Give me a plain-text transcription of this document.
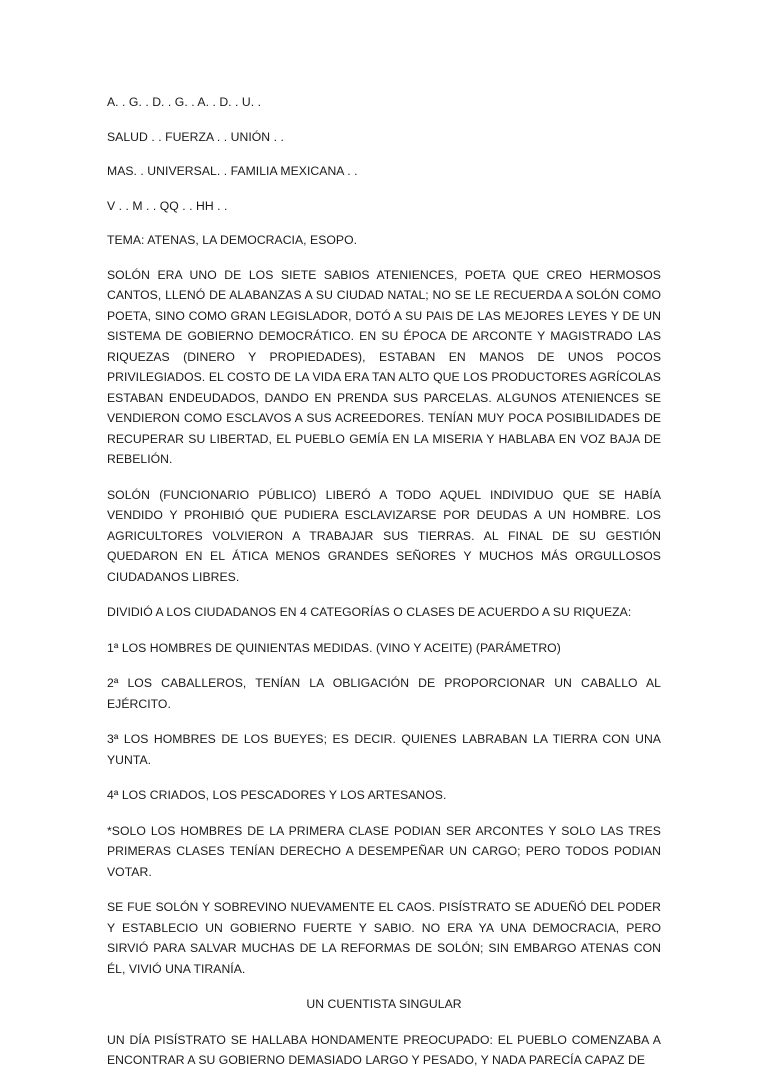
A. . G. . D. . G. . A. . D. . U. .

SALUD . . FUERZA . . UNIÓN . .

MAS. . UNIVERSAL. . FAMILIA MEXICANA . .

V . . M . . QQ . . HH . .

TEMA: ATENAS, LA DEMOCRACIA, ESOPO.

SOLÓN ERA UNO DE LOS SIETE SABIOS ATENIENCES, POETA QUE CREO HERMOSOS CANTOS, LLENÓ DE ALABANZAS A SU CIUDAD NATAL; NO SE LE RECUERDA A SOLÓN COMO POETA, SINO COMO GRAN LEGISLADOR, DOTÓ A SU PAIS DE LAS MEJORES LEYES Y DE UN SISTEMA DE GOBIERNO DEMOCRÁTICO. EN SU ÉPOCA DE ARCONTE Y MAGISTRADO LAS RIQUEZAS (DINERO Y PROPIEDADES), ESTABAN EN MANOS DE UNOS POCOS PRIVILEGIADOS. EL COSTO DE LA VIDA ERA TAN ALTO QUE LOS PRODUCTORES AGRÍCOLAS ESTABAN ENDEUDADOS, DANDO EN PRENDA SUS PARCELAS. ALGUNOS ATENIENCES SE VENDIERON COMO ESCLAVOS A SUS ACREEDORES. TENÍAN MUY POCA POSIBILIDADES DE RECUPERAR SU LIBERTAD, EL PUEBLO GEMÍA EN LA MISERIA Y HABLABA EN VOZ BAJA DE REBELIÓN.

SOLÓN (FUNCIONARIO PÚBLICO) LIBERÓ A TODO AQUEL INDIVIDUO QUE SE HABÍA VENDIDO Y PROHIBIÓ QUE PUDIERA ESCLAVIZARSE POR DEUDAS A UN HOMBRE. LOS AGRICULTORES VOLVIERON A TRABAJAR SUS TIERRAS. AL FINAL DE SU GESTIÓN QUEDARON EN EL ÁTICA MENOS GRANDES SEÑORES Y MUCHOS MÁS ORGULLOSOS CIUDADANOS LIBRES.

DIVIDIÓ A LOS CIUDADANOS EN 4 CATEGORÍAS O CLASES DE ACUERDO A SU RIQUEZA:

1ª LOS HOMBRES DE QUINIENTAS MEDIDAS. (VINO Y ACEITE) (PARÁMETRO)

2ª LOS CABALLEROS, TENÍAN LA OBLIGACIÓN DE PROPORCIONAR UN CABALLO AL EJÉRCITO.

3ª LOS HOMBRES DE LOS BUEYES; ES DECIR. QUIENES LABRABAN LA TIERRA CON UNA YUNTA.

4ª LOS CRIADOS, LOS PESCADORES Y LOS ARTESANOS.

*SOLO LOS HOMBRES DE LA PRIMERA CLASE PODIAN SER ARCONTES Y SOLO LAS TRES PRIMERAS CLASES TENÍAN DERECHO A DESEMPEÑAR UN CARGO; PERO TODOS PODIAN VOTAR.

SE FUE SOLÓN Y SOBREVINO NUEVAMENTE EL CAOS. PISÍSTRATO SE ADUEÑÓ DEL PODER Y ESTABLECIO UN GOBIERNO FUERTE Y SABIO. NO ERA YA UNA DEMOCRACIA, PERO SIRVIÓ PARA SALVAR MUCHAS DE LA REFORMAS DE SOLÓN; SIN EMBARGO ATENAS CON ÉL, VIVIÓ UNA TIRANÍA.

UN CUENTISTA SINGULAR

UN DÍA PISÍSTRATO SE HALLABA HONDAMENTE PREOCUPADO: EL PUEBLO COMENZABA A ENCONTRAR A SU GOBIERNO DEMASIADO LARGO Y PESADO, Y NADA PARECÍA CAPAZ DE
